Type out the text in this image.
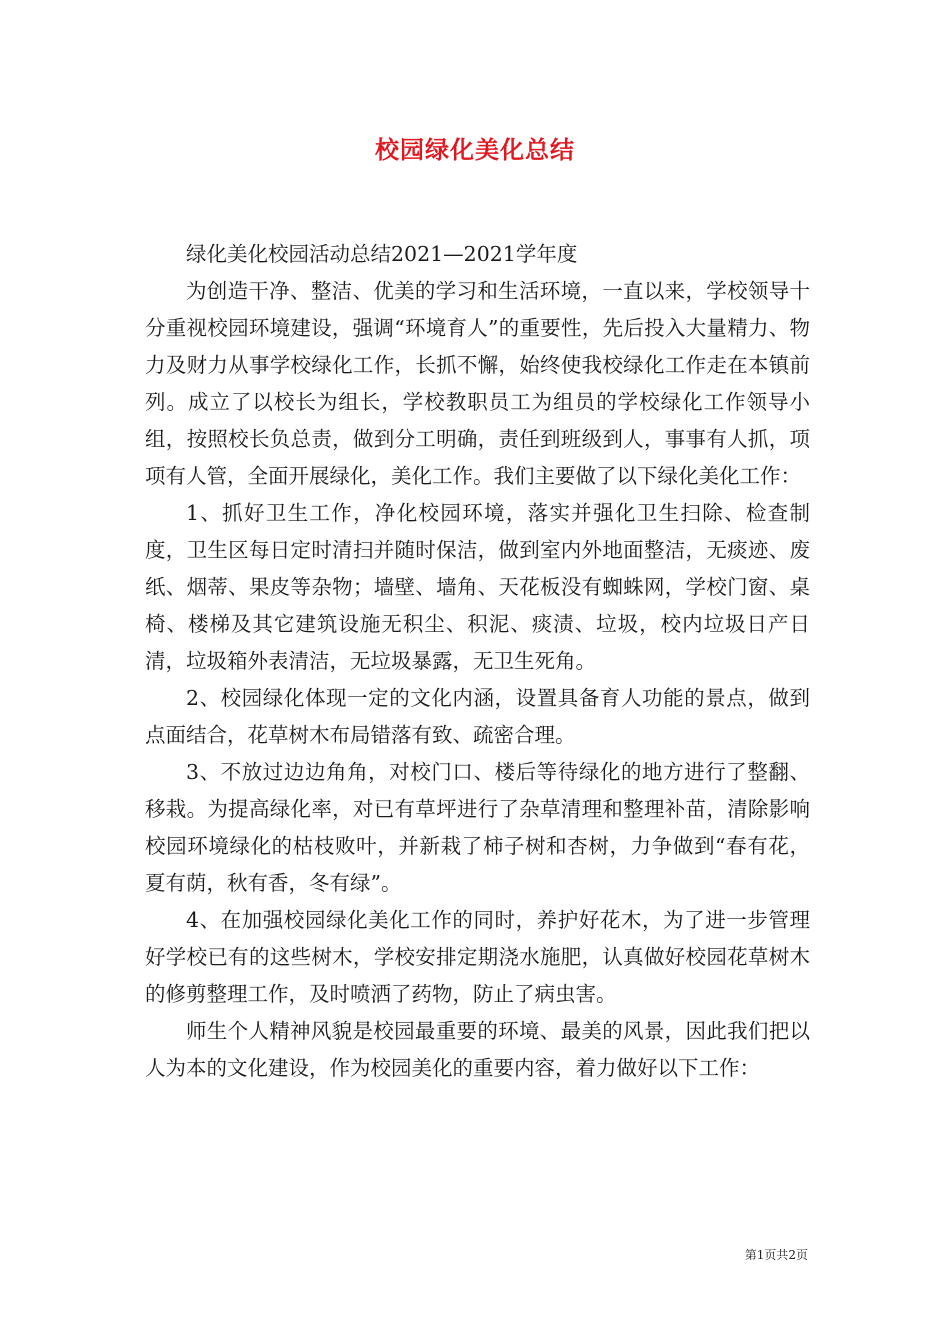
校园绿化美化总结

绿化美化校园活动总结2021—2021学年度

为创造干净、整洁、优美的学习和生活环境，一直以来，学校领导十分重视校园环境建设，强调“环境育人”的重要性，先后投入大量精力、物力及财力从事学校绿化工作，长抓不懈，始终使我校绿化工作走在本镇前列。成立了以校长为组长，学校教职员工为组员的学校绿化工作领导小组，按照校长负总责，做到分工明确，责任到班级到人，事事有人抓，项项有人管，全面开展绿化，美化工作。我们主要做了以下绿化美化工作：

1、抓好卫生工作，净化校园环境，落实并强化卫生扫除、检查制度，卫生区每日定时清扫并随时保洁，做到室内外地面整洁，无痰迹、废纸、烟蒂、果皮等杂物；墙壁、墙角、天花板没有蜘蛛网，学校门窗、桌椅、楼梯及其它建筑设施无积尘、积泥、痰渍、垃圾，校内垃圾日产日清，垃圾箱外表清洁，无垃圾暴露，无卫生死角。

2、校园绿化体现一定的文化内涵，设置具备育人功能的景点，做到点面结合，花草树木布局错落有致、疏密合理。

3、不放过边边角角，对校门口、楼后等待绿化的地方进行了整翻、移栽。为提高绿化率，对已有草坪进行了杂草清理和整理补苗，清除影响校园环境绿化的枯枝败叶，并新栽了柿子树和杏树，力争做到“春有花，夏有荫，秋有香，冬有绿”。

4、在加强校园绿化美化工作的同时，养护好花木，为了进一步管理好学校已有的这些树木，学校安排定期浇水施肥，认真做好校园花草树木的修剪整理工作，及时喷洒了药物，防止了病虫害。

师生个人精神风貌是校园最重要的环境、最美的风景，因此我们把以人为本的文化建设，作为校园美化的重要内容，着力做好以下工作：

第1页共2页
